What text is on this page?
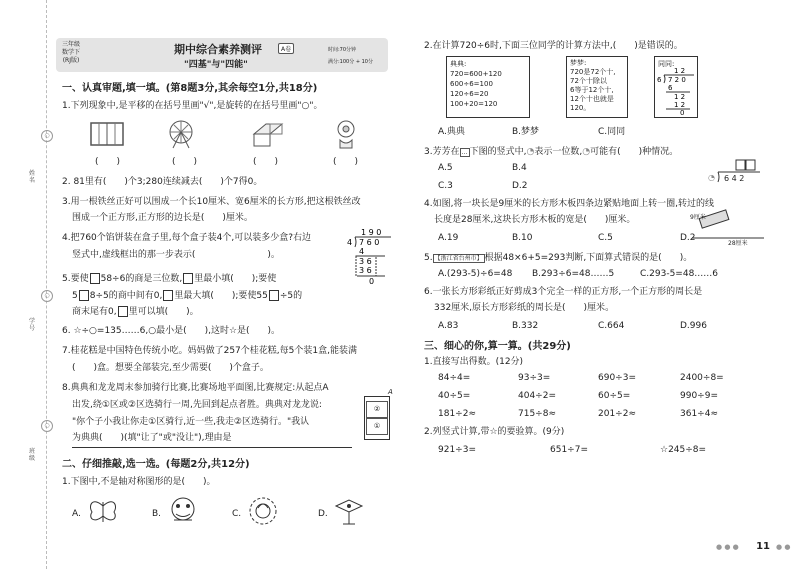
姓名
学号
班级
○
○
○
三年级
数学下
(RJ版)
期中综合素养测评	A卷
"四基"与"四能"
时间:70分钟
满分:100分 + 10分
一、认真审题,填一填。(第8题3分,其余每空1分,共18分)
1.下列现象中,是平移的在括号里画"√",是旋转的在括号里画"○"。
(　　)	(　　)	(　　)	(　　)
2. 81里有(　　)个3;280连续减去(　　)个7得0。
3.用一根铁丝正好可以围成一个长10厘米、宽6厘米的长方形,把这根铁丝改
围成一个正方形,正方形的边长是(　　)厘米。
4.把760个馅饼装在盒子里,每个盒子装4个,可以装多少盒?右边
竖式中,虚线框出的那一步表示(　　　　　　　　)。
1 9 0
4 7 6 0
4
3 6
3 6
0
5.要使 58÷6的商是三位数, 里最小填(　　);要使
5 8÷5的商中间有0, 里最大填(　　);要使55 ÷5的
商末尾有0, 里可以填(　　)。
6. ☆÷○=135……6,○最小是(　　),这时☆是(　　)。
7.桂花糕是中国特色传统小吃。妈妈做了257个桂花糕,每5个装1盒,能装满
(　　)盒。想要全部装完,至少需要(　　)个盒子。
8.典典和龙龙周末参加骑行比赛,比赛场地平面图,比赛规定:从起点A
出发,绕①区或②区选骑行一周,先回到起点者胜。典典对龙龙说:
"你个子小我让你走①区骑行,近一些,我走②区选骑行。"我认
为典典(　　)(填"让了"或"没让"),理由是
②
①
A
二、仔细推敲,选一选。(每题2分,共12分)
1.下图中,不是轴对称图形的是(　　)。
A.	B.	C.	D.
2.在计算720÷6时,下面三位同学的计算方法中,(　　)是错误的。
典典:
720=600+120
600÷6=100
120÷6=20
100+20=120
梦梦:
720是72个十,
72个十除以
6等于12个十,
12个十也就是
120。
同同:
1 2
6 7 2 0
6
1 2
1 2
0
A.典典	B.梦梦	C.同同
3.芳芳在 … 下图的竖式中,◔表示一位数,◔可能有(　　)种情况。
A.5	B.4
C.3	D.2
◔ 6 4 2
4.如图,将一块长是9厘米的长方形木板四条边紧贴地面上转一圈,转过的线
长度是28厘米,这块长方形木板的宽是(　　)厘米。	9厘米
28厘米
A.19	B.10	C.5	D.2
5. 【浙江省台州市】 根据48×6+5=293判断,下面算式错误的是(　　)。
A.(293-5)÷6=48 B.293÷6=48……5	C.293-5=48……6
6.一张长方形彩纸正好剪成3个完全一样的正方形,一个正方形的周长是
332厘米,原长方形彩纸的周长是(　　)厘米。
A.83	B.332	C.664	D.996
三、细心的你,算一算。(共29分)
1.直接写出得数。(12分)
84÷4=	93÷3=	690÷3=	2400÷8=
40÷5=	404÷2=	60÷5=	990÷9=
181÷2≈	715÷8≈	201÷2≈	361÷4≈
2.列竖式计算,带☆的要验算。(9分)
921÷3=	651÷7=	☆245÷8=
● ● ● 11 ● ●
